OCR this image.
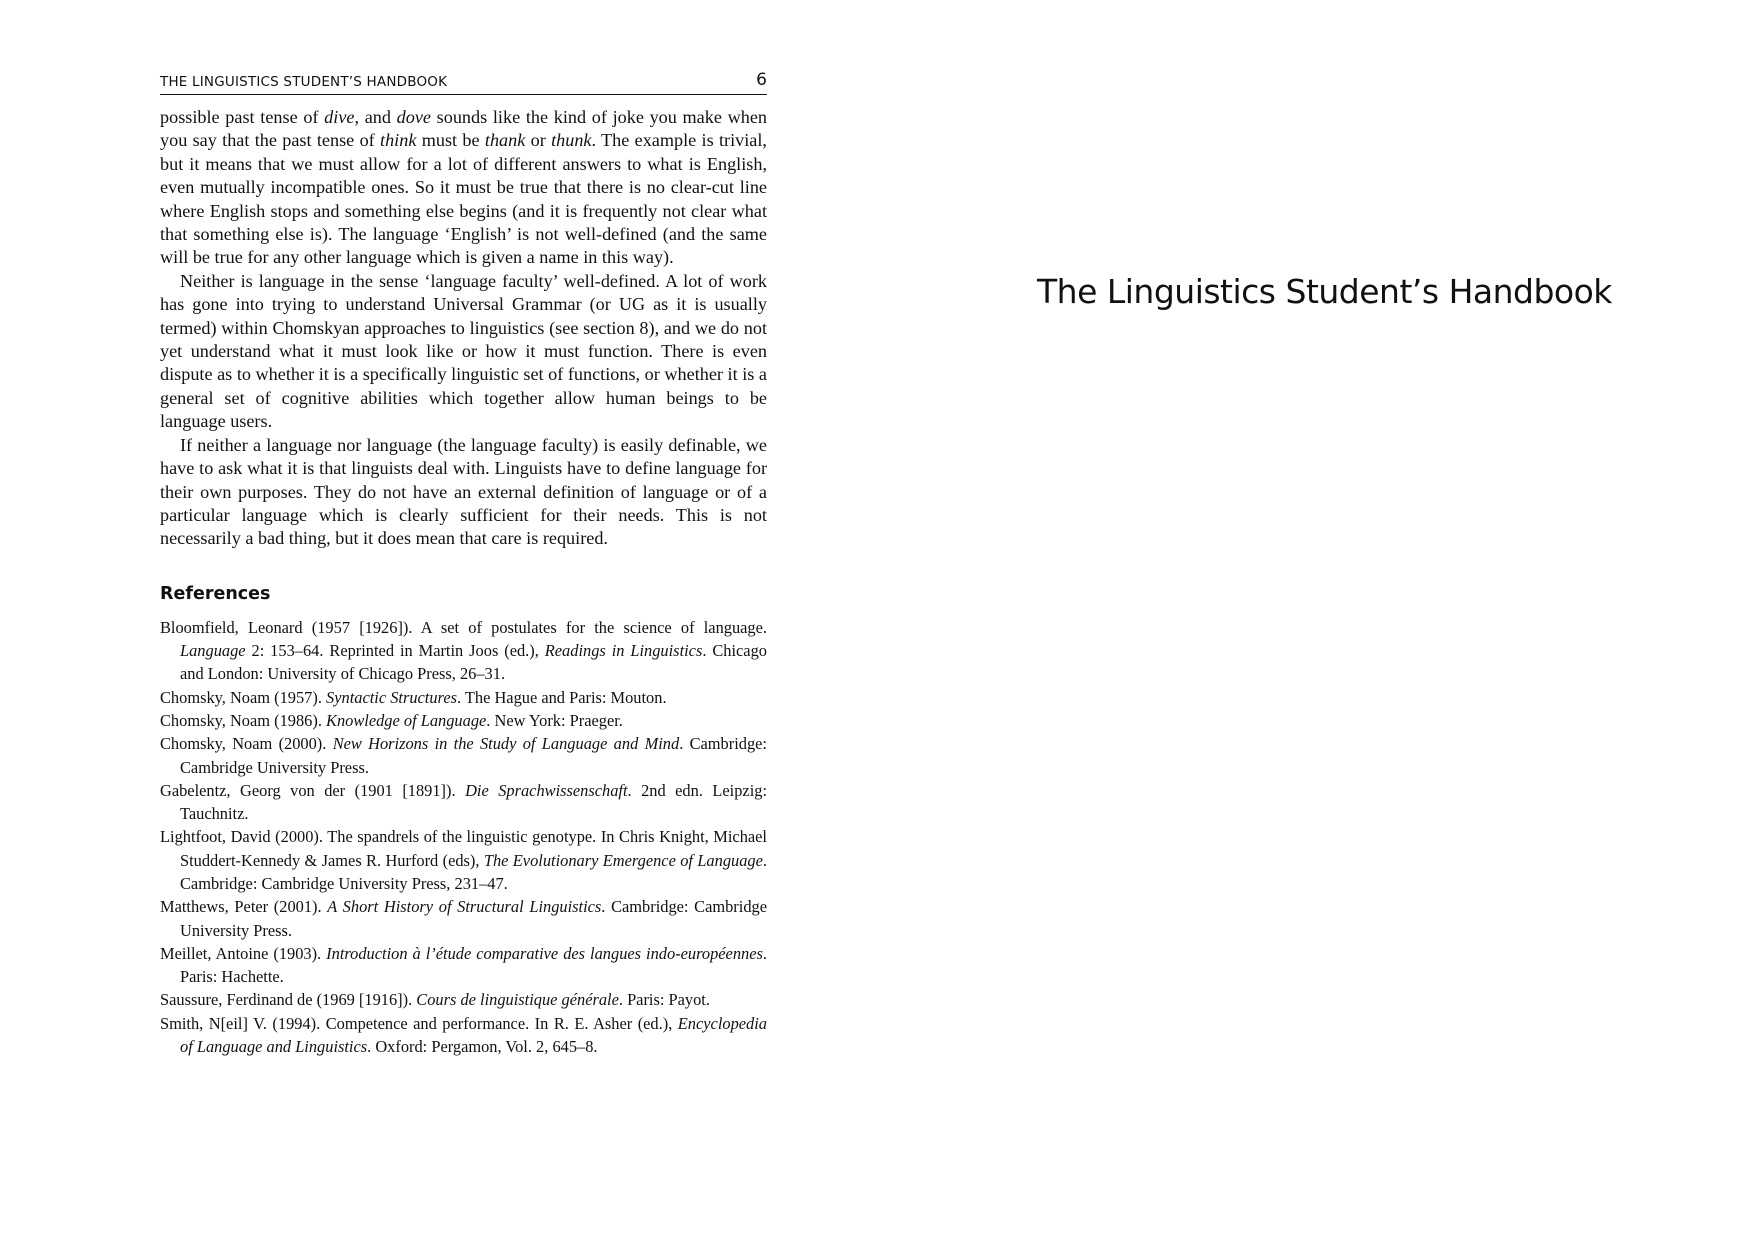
THE LINGUISTICS STUDENT’S HANDBOOK	6

possible past tense of dive, and dove sounds like the kind of joke you make when you say that the past tense of think must be thank or thunk. The example is trivial, but it means that we must allow for a lot of different answers to what is English, even mutually incompatible ones. So it must be true that there is no clear-cut line where English stops and something else begins (and it is frequently not clear what that something else is). The language ‘English’ is not well-defined (and the same will be true for any other language which is given a name in this way).

Neither is language in the sense ‘language faculty’ well-defined. A lot of work has gone into trying to understand Universal Grammar (or UG as it is usually termed) within Chomskyan approaches to linguistics (see section 8), and we do not yet understand what it must look like or how it must function. There is even dispute as to whether it is a specifically linguistic set of functions, or whether it is a general set of cognitive abilities which together allow human beings to be language users.

If neither a language nor language (the language faculty) is easily definable, we have to ask what it is that linguists deal with. Linguists have to define language for their own purposes. They do not have an external definition of language or of a particular language which is clearly sufficient for their needs. This is not necessarily a bad thing, but it does mean that care is required.

References

Bloomfield, Leonard (1957 [1926]). A set of postulates for the science of language. Language 2: 153–64. Reprinted in Martin Joos (ed.), Readings in Linguistics. Chicago and London: University of Chicago Press, 26–31.

Chomsky, Noam (1957). Syntactic Structures. The Hague and Paris: Mouton.

Chomsky, Noam (1986). Knowledge of Language. New York: Praeger.

Chomsky, Noam (2000). New Horizons in the Study of Language and Mind. Cambridge: Cambridge University Press.

Gabelentz, Georg von der (1901 [1891]). Die Sprachwissenschaft. 2nd edn. Leipzig: Tauchnitz.

Lightfoot, David (2000). The spandrels of the linguistic genotype. In Chris Knight, Michael Studdert-Kennedy & James R. Hurford (eds), The Evolutionary Emergence of Language. Cambridge: Cambridge University Press, 231–47.

Matthews, Peter (2001). A Short History of Structural Linguistics. Cambridge: Cambridge University Press.

Meillet, Antoine (1903). Introduction à l’étude comparative des langues indo-européennes. Paris: Hachette.

Saussure, Ferdinand de (1969 [1916]). Cours de linguistique générale. Paris: Payot.

Smith, N[eil] V. (1994). Competence and performance. In R. E. Asher (ed.), Encyclopedia of Language and Linguistics. Oxford: Pergamon, Vol. 2, 645–8.

The Linguistics Student’s Handbook
